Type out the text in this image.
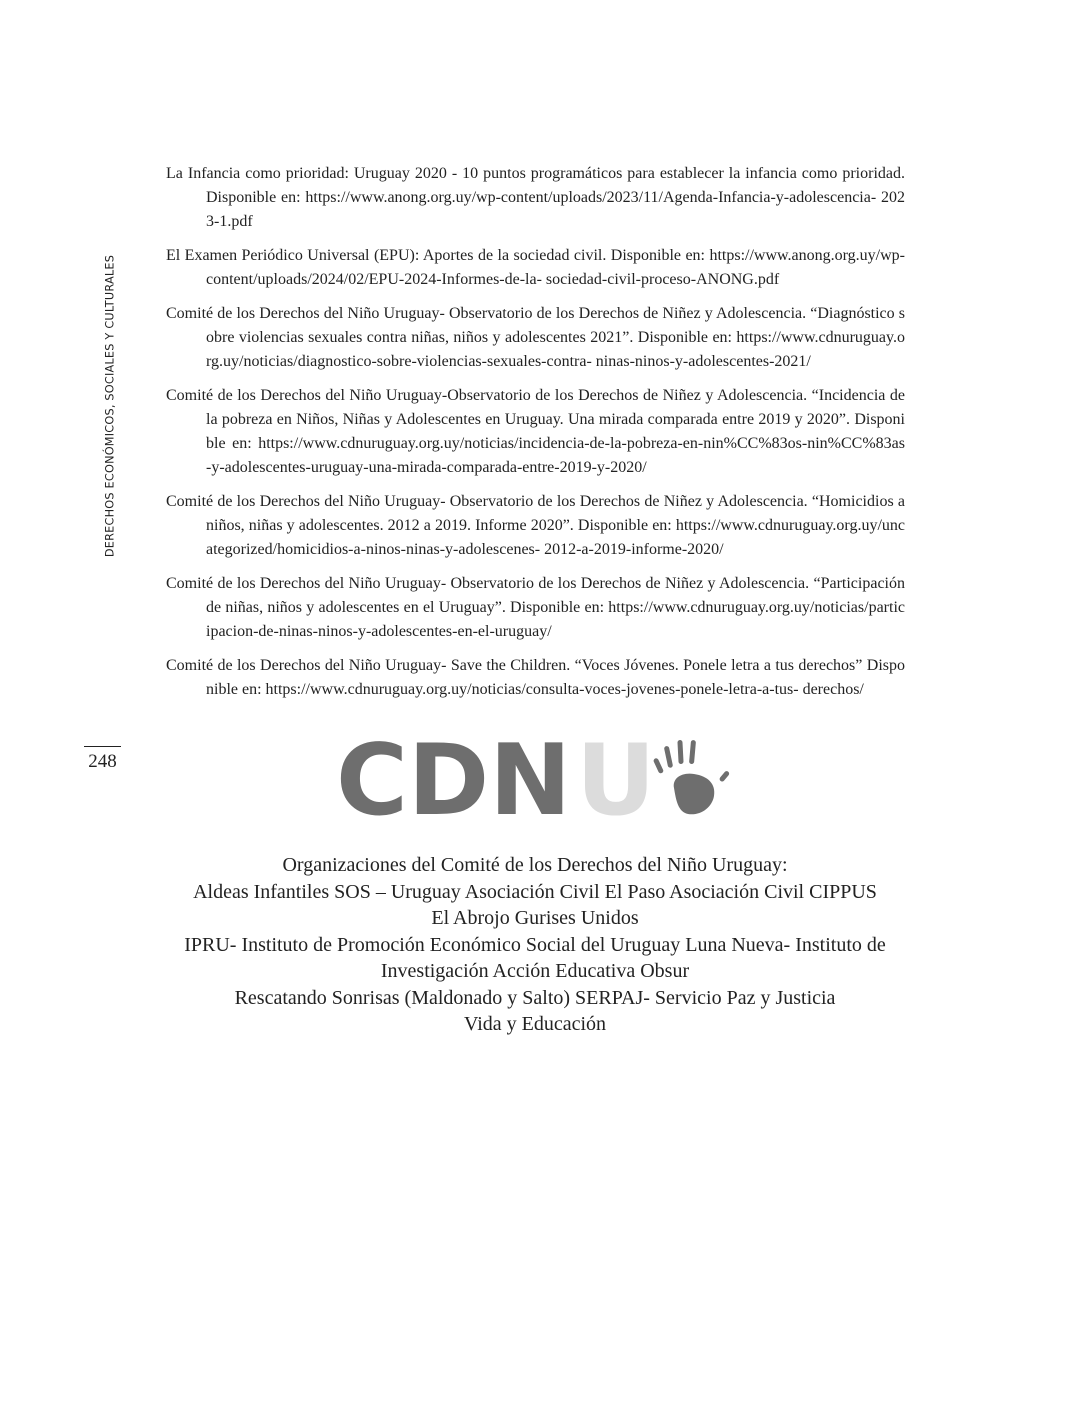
DERECHOS ECONÓMICOS, SOCIALES Y CULTURALES
248

La Infancia como prioridad: Uruguay 2020 - 10 puntos programáticos para establecer la infancia como prioridad. Disponible en: https://www.anong.org.uy/wp-content/uploads/2023/11/Agenda-Infancia-y-adolescencia- 2023-1.pdf

El Examen Periódico Universal (EPU): Aportes de la sociedad civil. Disponible en: https://www.anong.org.uy/wp-content/uploads/2024/02/EPU-2024-Informes-de-la- sociedad-civil-proceso-ANONG.pdf

Comité de los Derechos del Niño Uruguay- Observatorio de los Derechos de Niñez y Adolescencia. “Diagnóstico sobre violencias sexuales contra niñas, niños y adolescentes 2021”. Disponible en: https://www.cdnuruguay.org.uy/noticias/diagnostico-sobre-violencias-sexuales-contra- ninas-ninos-y-adolescentes-2021/

Comité de los Derechos del Niño Uruguay-Observatorio de los Derechos de Niñez y Adolescencia. “Incidencia de la pobreza en Niños, Niñas y Adolescentes en Uruguay. Una mirada comparada entre 2019 y 2020”. Disponible en: https://www.cdnuruguay.org.uy/noticias/incidencia-de-la-pobreza-en-nin%CC%83os-nin%CC%83as-y-adolescentes-uruguay-una-mirada-comparada-entre-2019-y-2020/

Comité de los Derechos del Niño Uruguay- Observatorio de los Derechos de Niñez y Adolescencia. “Homicidios a niños, niñas y adolescentes. 2012 a 2019. Informe 2020”. Disponible en: https://www.cdnuruguay.org.uy/uncategorized/homicidios-a-ninos-ninas-y-adolescenes- 2012-a-2019-informe-2020/

Comité de los Derechos del Niño Uruguay- Observatorio de los Derechos de Niñez y Adolescencia. “Participación de niñas, niños y adolescentes en el Uruguay”. Disponible en: https://www.cdnuruguay.org.uy/noticias/participacion-de-ninas-ninos-y-adolescentes-en-el-uruguay/

Comité de los Derechos del Niño Uruguay- Save the Children. “Voces Jóvenes. Ponele letra a tus derechos” Disponible en: https://www.cdnuruguay.org.uy/noticias/consulta-voces-jovenes-ponele-letra-a-tus- derechos/

CDN U
Organizaciones del Comité de los Derechos del Niño Uruguay:
Aldeas Infantiles SOS – Uruguay Asociación Civil El Paso Asociación Civil CIPPUS
El Abrojo Gurises Unidos
IPRU- Instituto de Promoción Económico Social del Uruguay Luna Nueva- Instituto de
Investigación Acción Educativa Obsur
Rescatando Sonrisas (Maldonado y Salto) SERPAJ- Servicio Paz y Justicia
Vida y Educación
